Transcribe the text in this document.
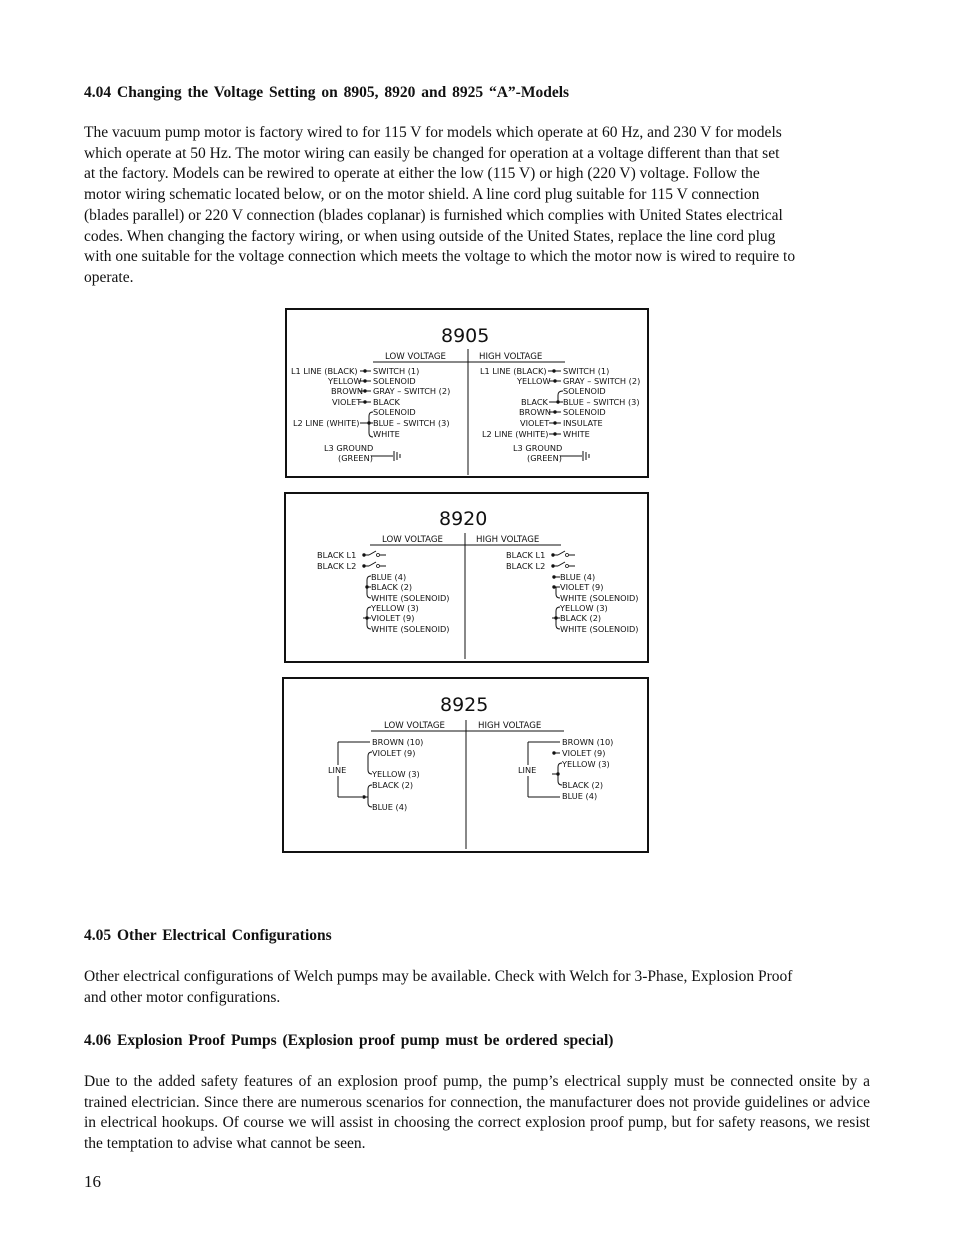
4.04 Changing the Voltage Setting on 8905, 8920 and 8925 “A”-Models
The vacuum pump motor is factory wired to for 115 V for models which operate at 60 Hz, and 230 V for models
which operate at 50 Hz. The motor wiring can easily be changed for operation at a voltage different than that set
at the factory. Models can be rewired to operate at either the low (115 V) or high (220 V) voltage. Follow the
motor wiring schematic located below, or on the motor shield. A line cord plug suitable for 115 V connection
(blades parallel) or 220 V connection (blades coplanar) is furnished which complies with United States electrical
codes. When changing the factory wiring, or when using outside of the United States, replace the line cord plug
with one suitable for the voltage connection which meets the voltage to which the motor now is wired to require to
operate.
8905
LOW VOLTAGE	HIGH VOLTAGE
L1 LINE (BLACK) SWITCH (1)
YELLOW SOLENOID
BROWN GRAY – SWITCH (2)
VIOLET BLACK
SOLENOID
L2 LINE (WHITE) BLUE – SWITCH (3)
WHITE
L3 GROUND
(GREEN)
L1 LINE (BLACK) SWITCH (1)
YELLOW GRAY – SWITCH (2)
SOLENOID
BLACK BLUE – SWITCH (3)
BROWN SOLENOID
VIOLET INSULATE
L2 LINE (WHITE) WHITE
L3 GROUND
(GREEN)
8920
LOW VOLTAGE	HIGH VOLTAGE
BLACK L1
BLACK L2
BLUE (4)
BLACK (2)
WHITE (SOLENOID)
YELLOW (3)
VIOLET (9)
WHITE (SOLENOID)
BLACK L1
BLACK L2
BLUE (4)
VIOLET (9)
WHITE (SOLENOID)
YELLOW (3)
BLACK (2)
WHITE (SOLENOID)
8925
LOW VOLTAGE	HIGH VOLTAGE
BROWN (10)
LINE
VIOLET (9)
YELLOW (3)
BLACK (2)
BLUE (4)
BROWN (10)
LINE
VIOLET (9)
YELLOW (3)
BLACK (2)
BLUE (4)
4.05 Other Electrical Configurations
Other electrical configurations of Welch pumps may be available. Check with Welch for 3-Phase, Explosion Proof
and other motor configurations.
4.06 Explosion Proof Pumps (Explosion proof pump must be ordered special)

Due to the added safety features of an explosion proof pump, the pump’s electrical supply must be connected onsite by a trained electrician. Since there are numerous scenarios for connection, the manufacturer does not provide guidelines or advice in electrical hookups. Of course we will assist in choosing the correct explosion proof pump, but for safety reasons, we resist the temptation to advise what cannot be seen.

16
